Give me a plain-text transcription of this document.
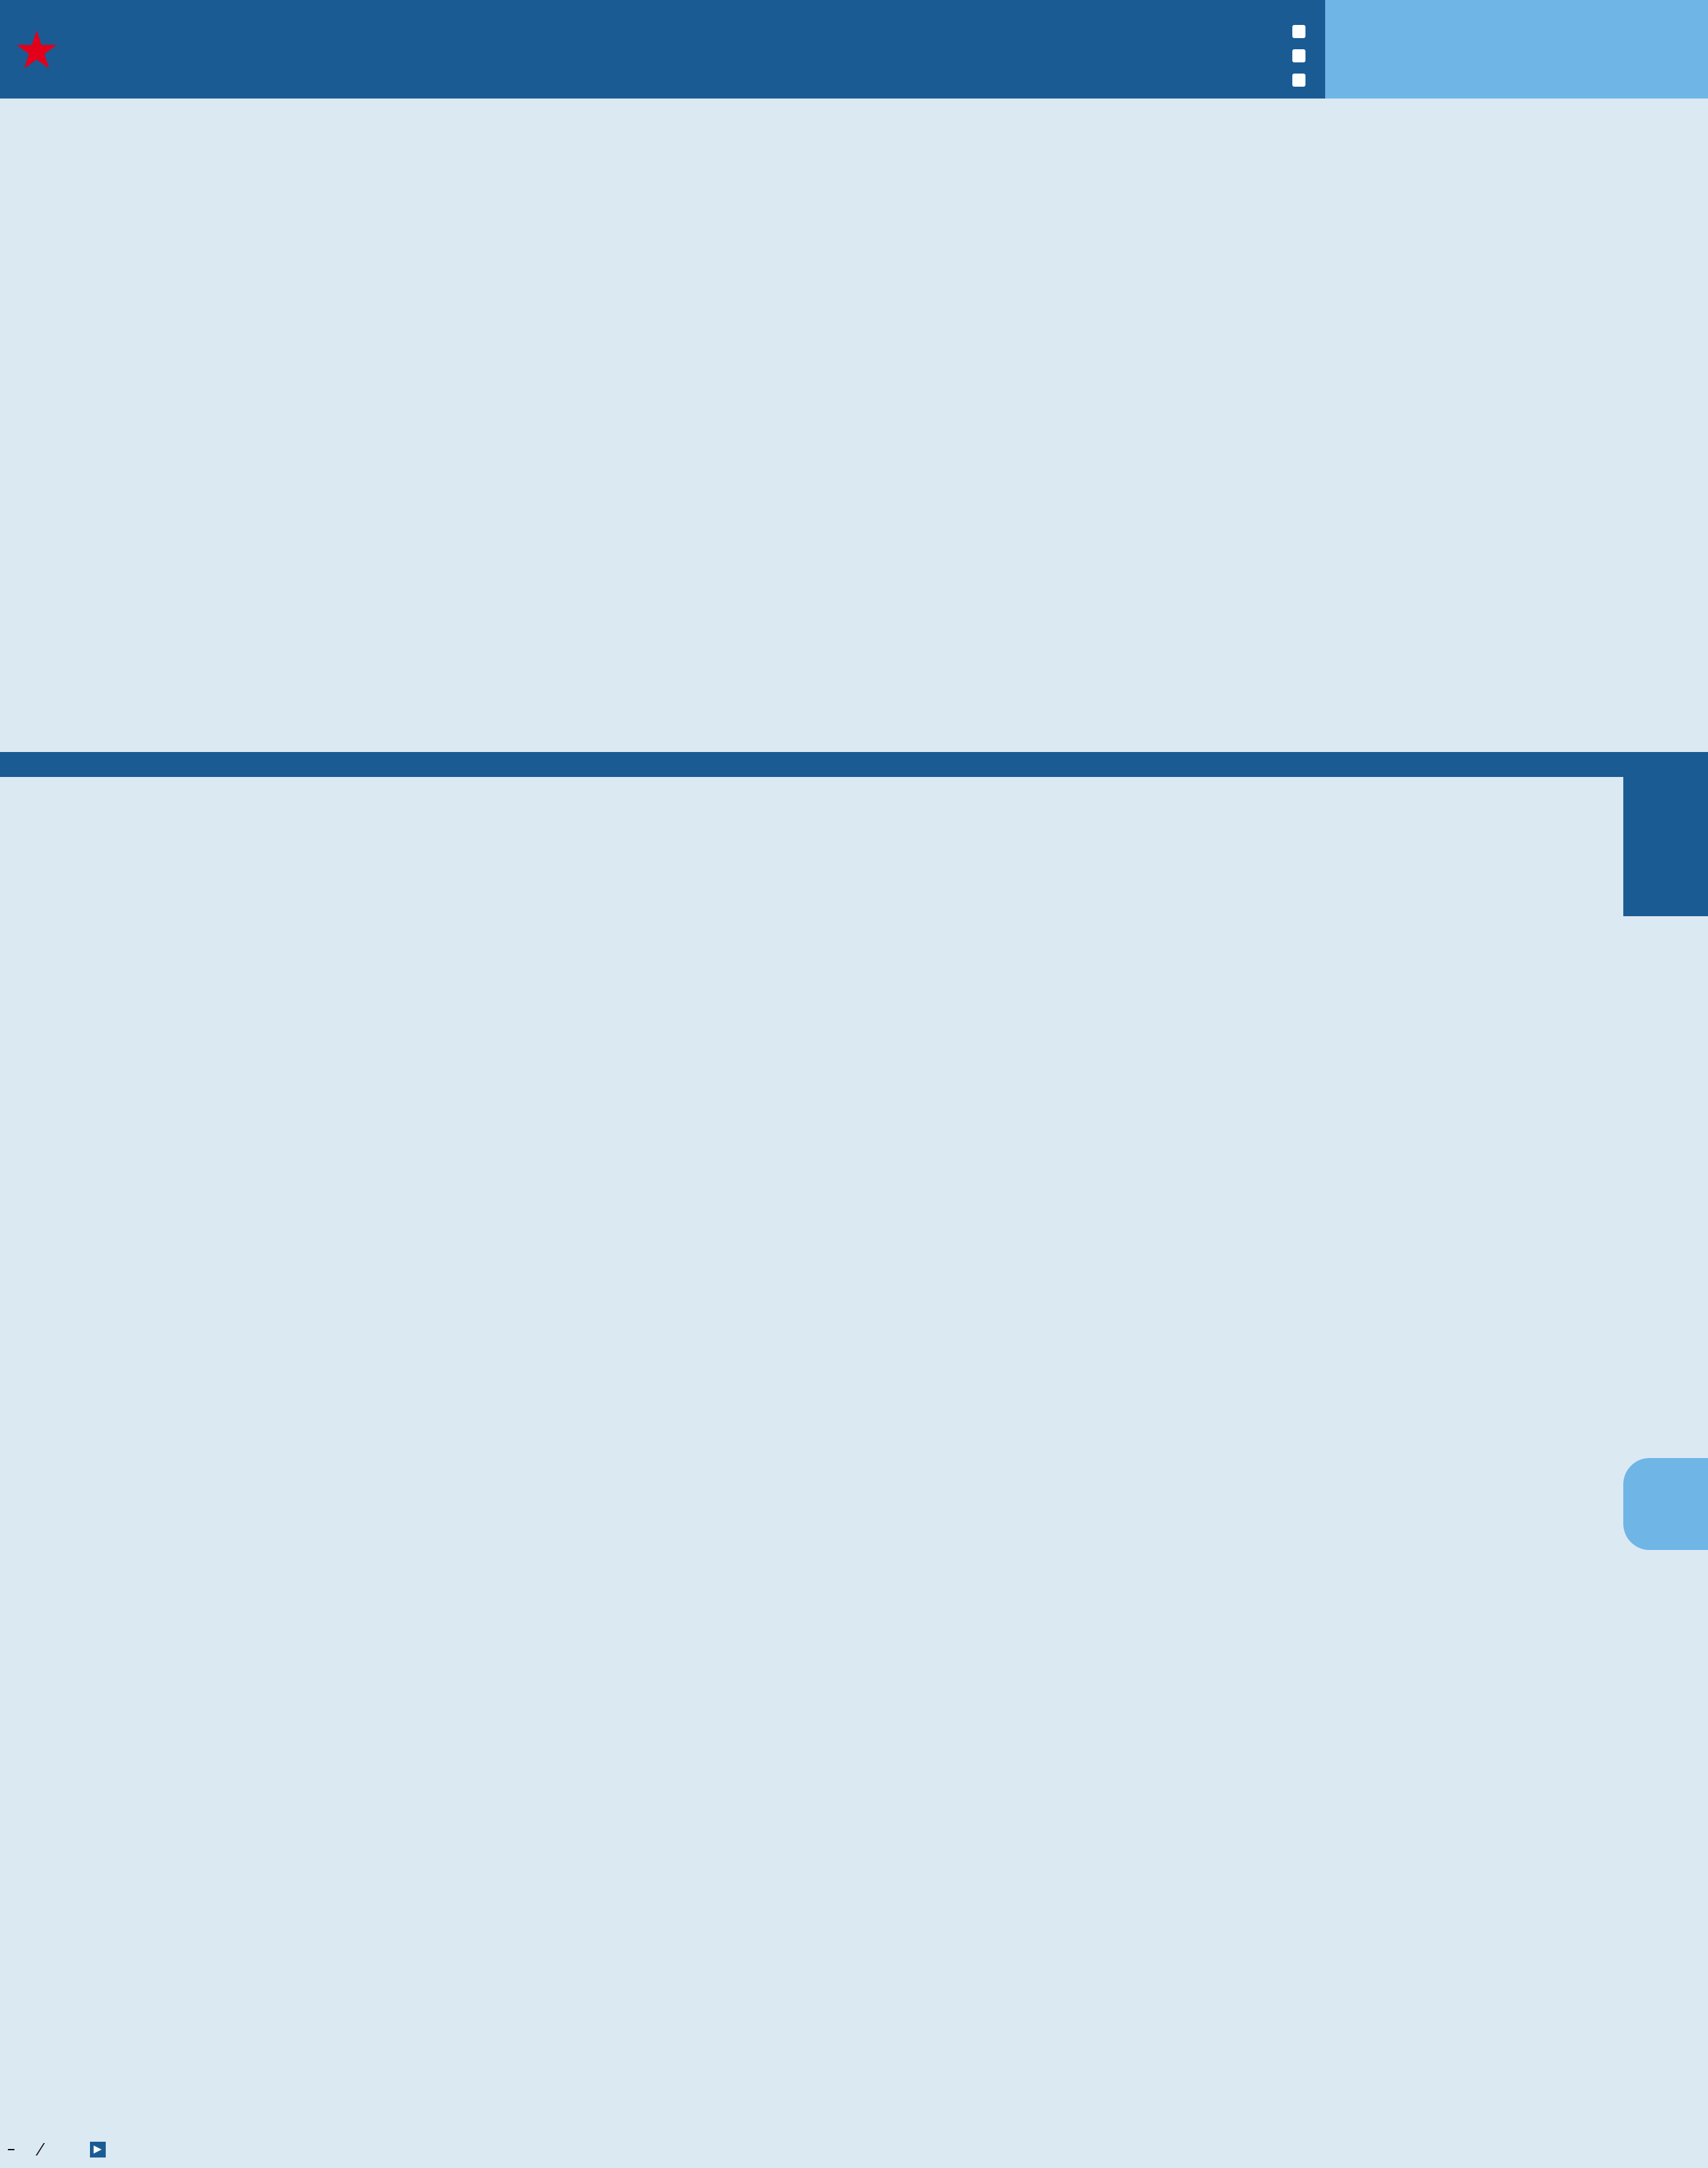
★
⁄	▶
